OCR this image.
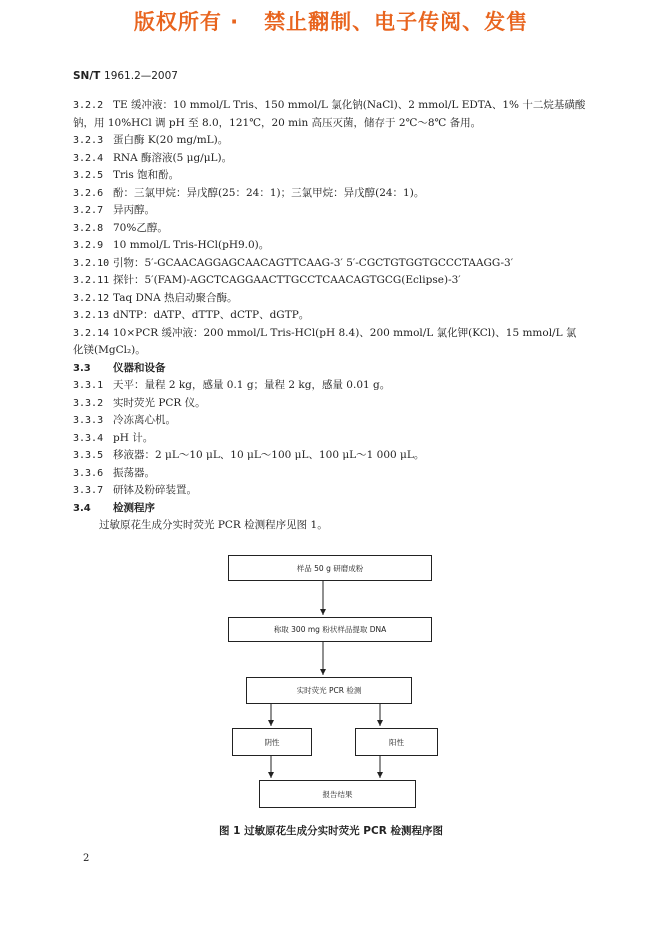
版权所有 ·   禁止翻制、电子传阅、发售
SN/T 1961.2—2007
3.2.2 TE 缓冲液：10 mmol/L Tris、150 mmol/L 氯化钠(NaCl)、2 mmol/L EDTA、1% 十二烷基磺酸
钠，用 10%HCl 调 pH 至 8.0，121℃，20 min 高压灭菌，储存于 2℃～8℃ 备用。
3.2.3 蛋白酶 K(20 mg/mL)。
3.2.4 RNA 酶溶液(5 μg/μL)。
3.2.5 Tris 饱和酚。
3.2.6 酚：三氯甲烷：异戊醇(25：24：1)；三氯甲烷：异戊醇(24：1)。
3.2.7 异丙醇。
3.2.8 70%乙醇。
3.2.9 10 mmol/L Tris-HCl(pH9.0)。
3.2.10 引物：5′-GCAACAGGAGCAACAGTTCAAG-3′ 5′-CGCTGTGGTGCCCTAAGG-3′
3.2.11 探针：5′(FAM)-AGCTCAGGAACTTGCCTCAACAGTGCG(Eclipse)-3′
3.2.12 Taq DNA 热启动聚合酶。
3.2.13 dNTP：dATP、dTTP、dCTP、dGTP。
3.2.14 10×PCR 缓冲液：200 mmol/L Tris-HCl(pH 8.4)、200 mmol/L 氯化钾(KCl)、15 mmol/L 氯
化镁(MgCl₂)。
3.3 仪器和设备
3.3.1 天平：量程 2 kg，感量 0.1 g；量程 2 kg，感量 0.01 g。
3.3.2 实时荧光 PCR 仪。
3.3.3 冷冻离心机。
3.3.4 pH 计。
3.3.5 移液器：2 μL～10 μL、10 μL～100 μL、100 μL～1 000 μL。
3.3.6 振荡器。
3.3.7 研钵及粉碎装置。
3.4 检测程序
过敏原花生成分实时荧光 PCR 检测程序见图 1。
样品 50 g 研磨成粉
称取 300 mg 粉状样品提取 DNA
实时荧光 PCR 检测
阴性	阳性
报告结果
图 1 过敏原花生成分实时荧光 PCR 检测程序图
2
